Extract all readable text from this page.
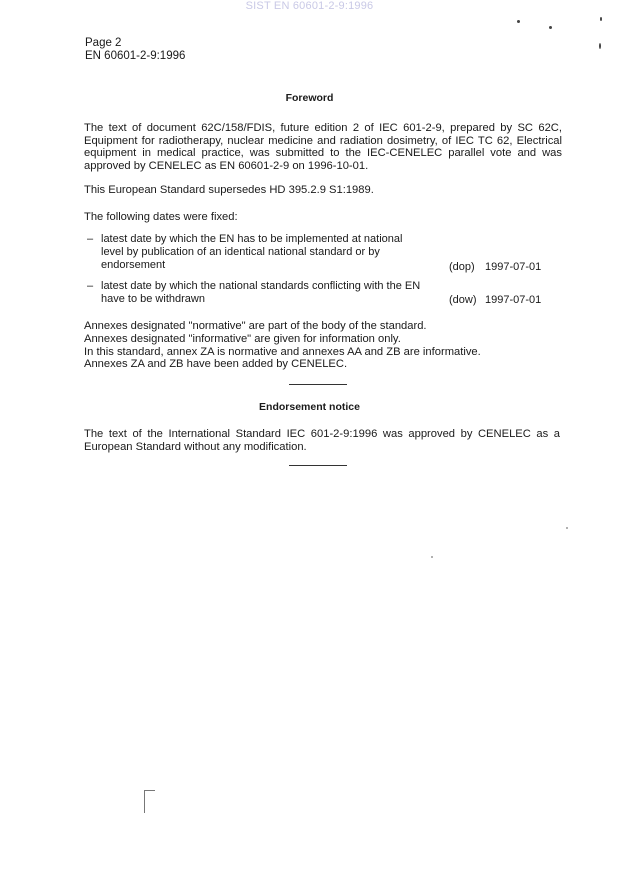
SIST EN 60601-2-9:1996
Page 2
EN 60601-2-9:1996
Foreword
The text of document 62C/158/FDIS, future edition 2 of IEC 601-2-9, prepared by SC 62C, Equipment for radiotherapy, nuclear medicine and radiation dosimetry, of IEC TC 62, Electrical equipment in medical practice, was submitted to the IEC-CENELEC parallel vote and was approved by CENELEC as EN 60601-2-9 on 1996-10-01.
This European Standard supersedes HD 395.2.9 S1:1989.
The following dates were fixed:
– latest date by which the EN has to be implemented at national level by publication of an identical national standard or by endorsement	(dop) 1997-07-01
– latest date by which the national standards conflicting with the EN have to be withdrawn	(dow) 1997-07-01
Annexes designated "normative" are part of the body of the standard.
Annexes designated "informative" are given for information only.
In this standard, annex ZA is normative and annexes AA and ZB are informative.
Annexes ZA and ZB have been added by CENELEC.
Endorsement notice
The text of the International Standard IEC 601-2-9:1996 was approved by CENELEC as a European Standard without any modification.
